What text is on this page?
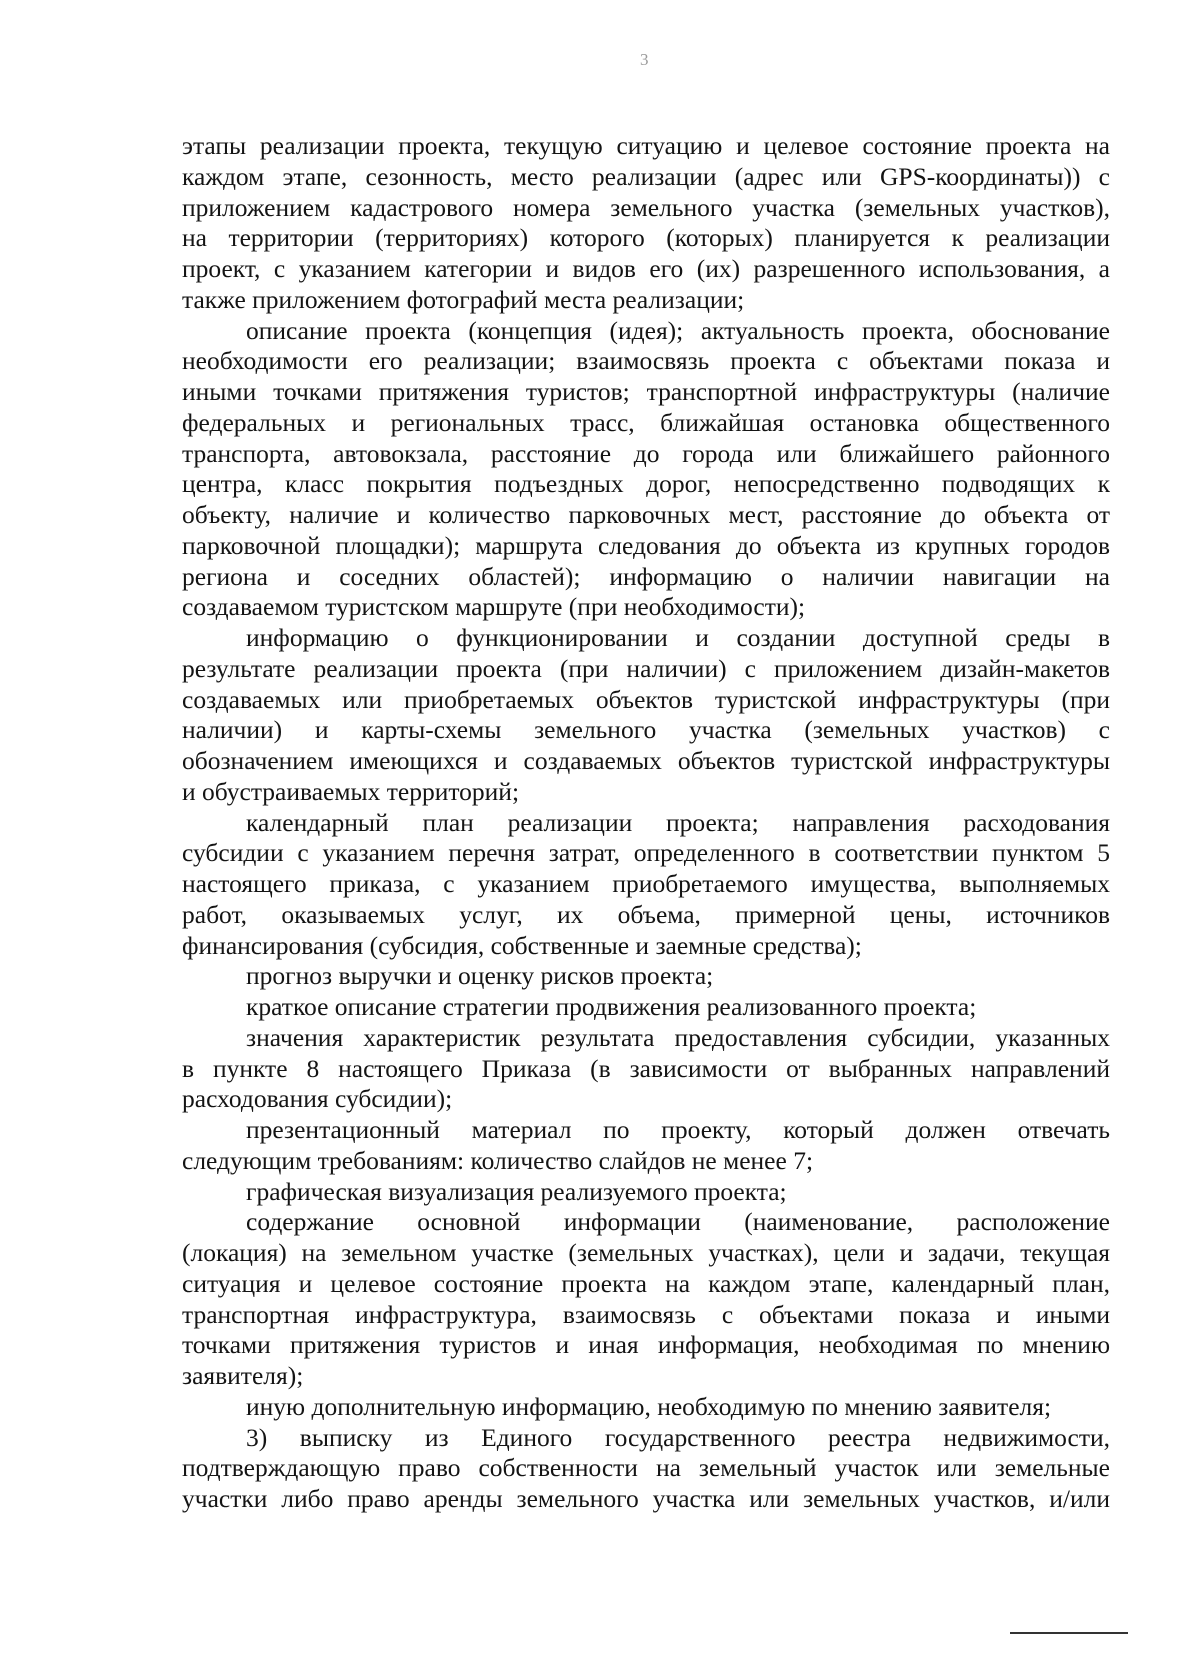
3
этапы реализации проекта, текущую ситуацию и целевое состояние проекта на
каждом этапе, сезонность, место реализации (адрес или GPS-координаты)) с
приложением кадастрового номера земельного участка (земельных участков),
на территории (территориях) которого (которых) планируется к реализации
проект, с указанием категории и видов его (их) разрешенного использования, а
также приложением фотографий места реализации;
описание проекта (концепция (идея); актуальность проекта, обоснование
необходимости его реализации; взаимосвязь проекта с объектами показа и
иными точками притяжения туристов; транспортной инфраструктуры (наличие
федеральных и региональных трасс, ближайшая остановка общественного
транспорта, автовокзала, расстояние до города или ближайшего районного
центра, класс покрытия подъездных дорог, непосредственно подводящих к
объекту, наличие и количество парковочных мест, расстояние до объекта от
парковочной площадки); маршрута следования до объекта из крупных городов
региона и соседних областей); информацию о наличии навигации на
создаваемом туристском маршруте (при необходимости);
информацию о функционировании и создании доступной среды в
результате реализации проекта (при наличии) с приложением дизайн-макетов
создаваемых или приобретаемых объектов туристской инфраструктуры (при
наличии) и карты-схемы земельного участка (земельных участков) с
обозначением имеющихся и создаваемых объектов туристской инфраструктуры
и обустраиваемых территорий;
календарный план реализации проекта; направления расходования
субсидии с указанием перечня затрат, определенного в соответствии пунктом 5
настоящего приказа, с указанием приобретаемого имущества, выполняемых
работ, оказываемых услуг, их объема, примерной цены, источников
финансирования (субсидия, собственные и заемные средства);
прогноз выручки и оценку рисков проекта;
краткое описание стратегии продвижения реализованного проекта;
значения характеристик результата предоставления субсидии, указанных
в пункте 8 настоящего Приказа (в зависимости от выбранных направлений
расходования субсидии);
презентационный материал по проекту, который должен отвечать
следующим требованиям: количество слайдов не менее 7;
графическая визуализация реализуемого проекта;
содержание основной информации (наименование, расположение
(локация) на земельном участке (земельных участках), цели и задачи, текущая
ситуация и целевое состояние проекта на каждом этапе, календарный план,
транспортная инфраструктура, взаимосвязь с объектами показа и иными
точками притяжения туристов и иная информация, необходимая по мнению
заявителя);
иную дополнительную информацию, необходимую по мнению заявителя;
3) выписку из Единого государственного реестра недвижимости,
подтверждающую право собственности на земельный участок или земельные
участки либо право аренды земельного участка или земельных участков, и/или
